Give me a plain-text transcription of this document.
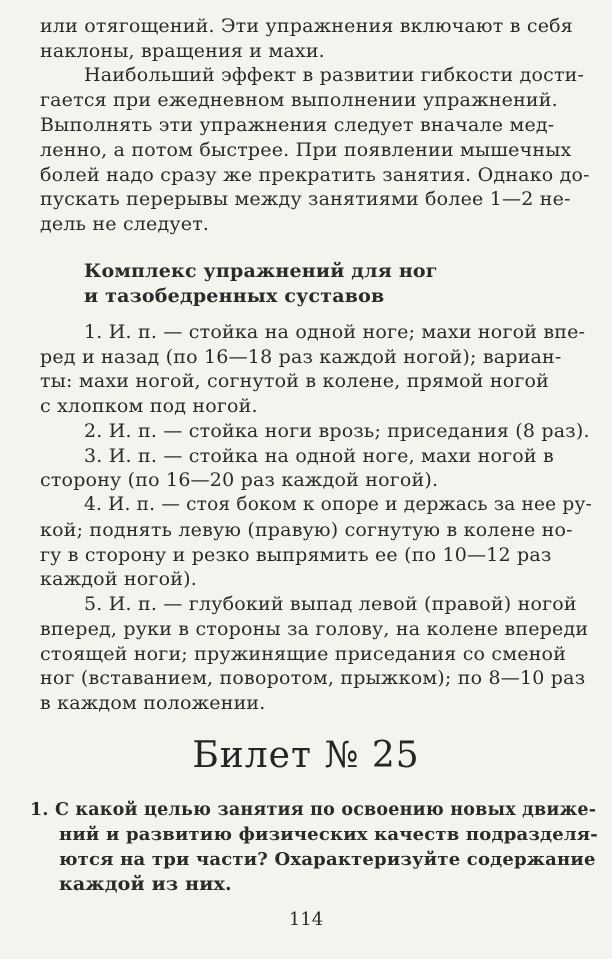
или отягощений. Эти упражнения включают в себя
наклоны, вращения и махи.
Наибольший эффект в развитии гибкости дости-
гается при ежедневном выполнении упражнений.
Выполнять эти упражнения следует вначале мед-
ленно, а потом быстрее. При появлении мышечных
болей надо сразу же прекратить занятия. Однако до-
пускать перерывы между занятиями более 1—2 не-
дель не следует.
Комплекс упражнений для ног
и тазобедренных суставов
1. И. п. — стойка на одной ноге; махи ногой впе-
ред и назад (по 16—18 раз каждой ногой); вариан-
ты: махи ногой, согнутой в колене, прямой ногой
с хлопком под ногой.
2. И. п. — стойка ноги врозь; приседания (8 раз).
3. И. п. — стойка на одной ноге, махи ногой в
сторону (по 16—20 раз каждой ногой).
4. И. п. — стоя боком к опоре и держась за нее ру-
кой; поднять левую (правую) согнутую в колене но-
гу в сторону и резко выпрямить ее (по 10—12 раз
каждой ногой).
5. И. п. — глубокий выпад левой (правой) ногой
вперед, руки в стороны за голову, на колене впереди
стоящей ноги; пружинящие приседания со сменой
ног (вставанием, поворотом, прыжком); по 8—10 раз
в каждом положении.
Билет № 25
1. С какой целью занятия по освоению новых движе-
ний и развитию физических качеств подразделя-
ются на три части? Охарактеризуйте содержание
каждой из них.
114
